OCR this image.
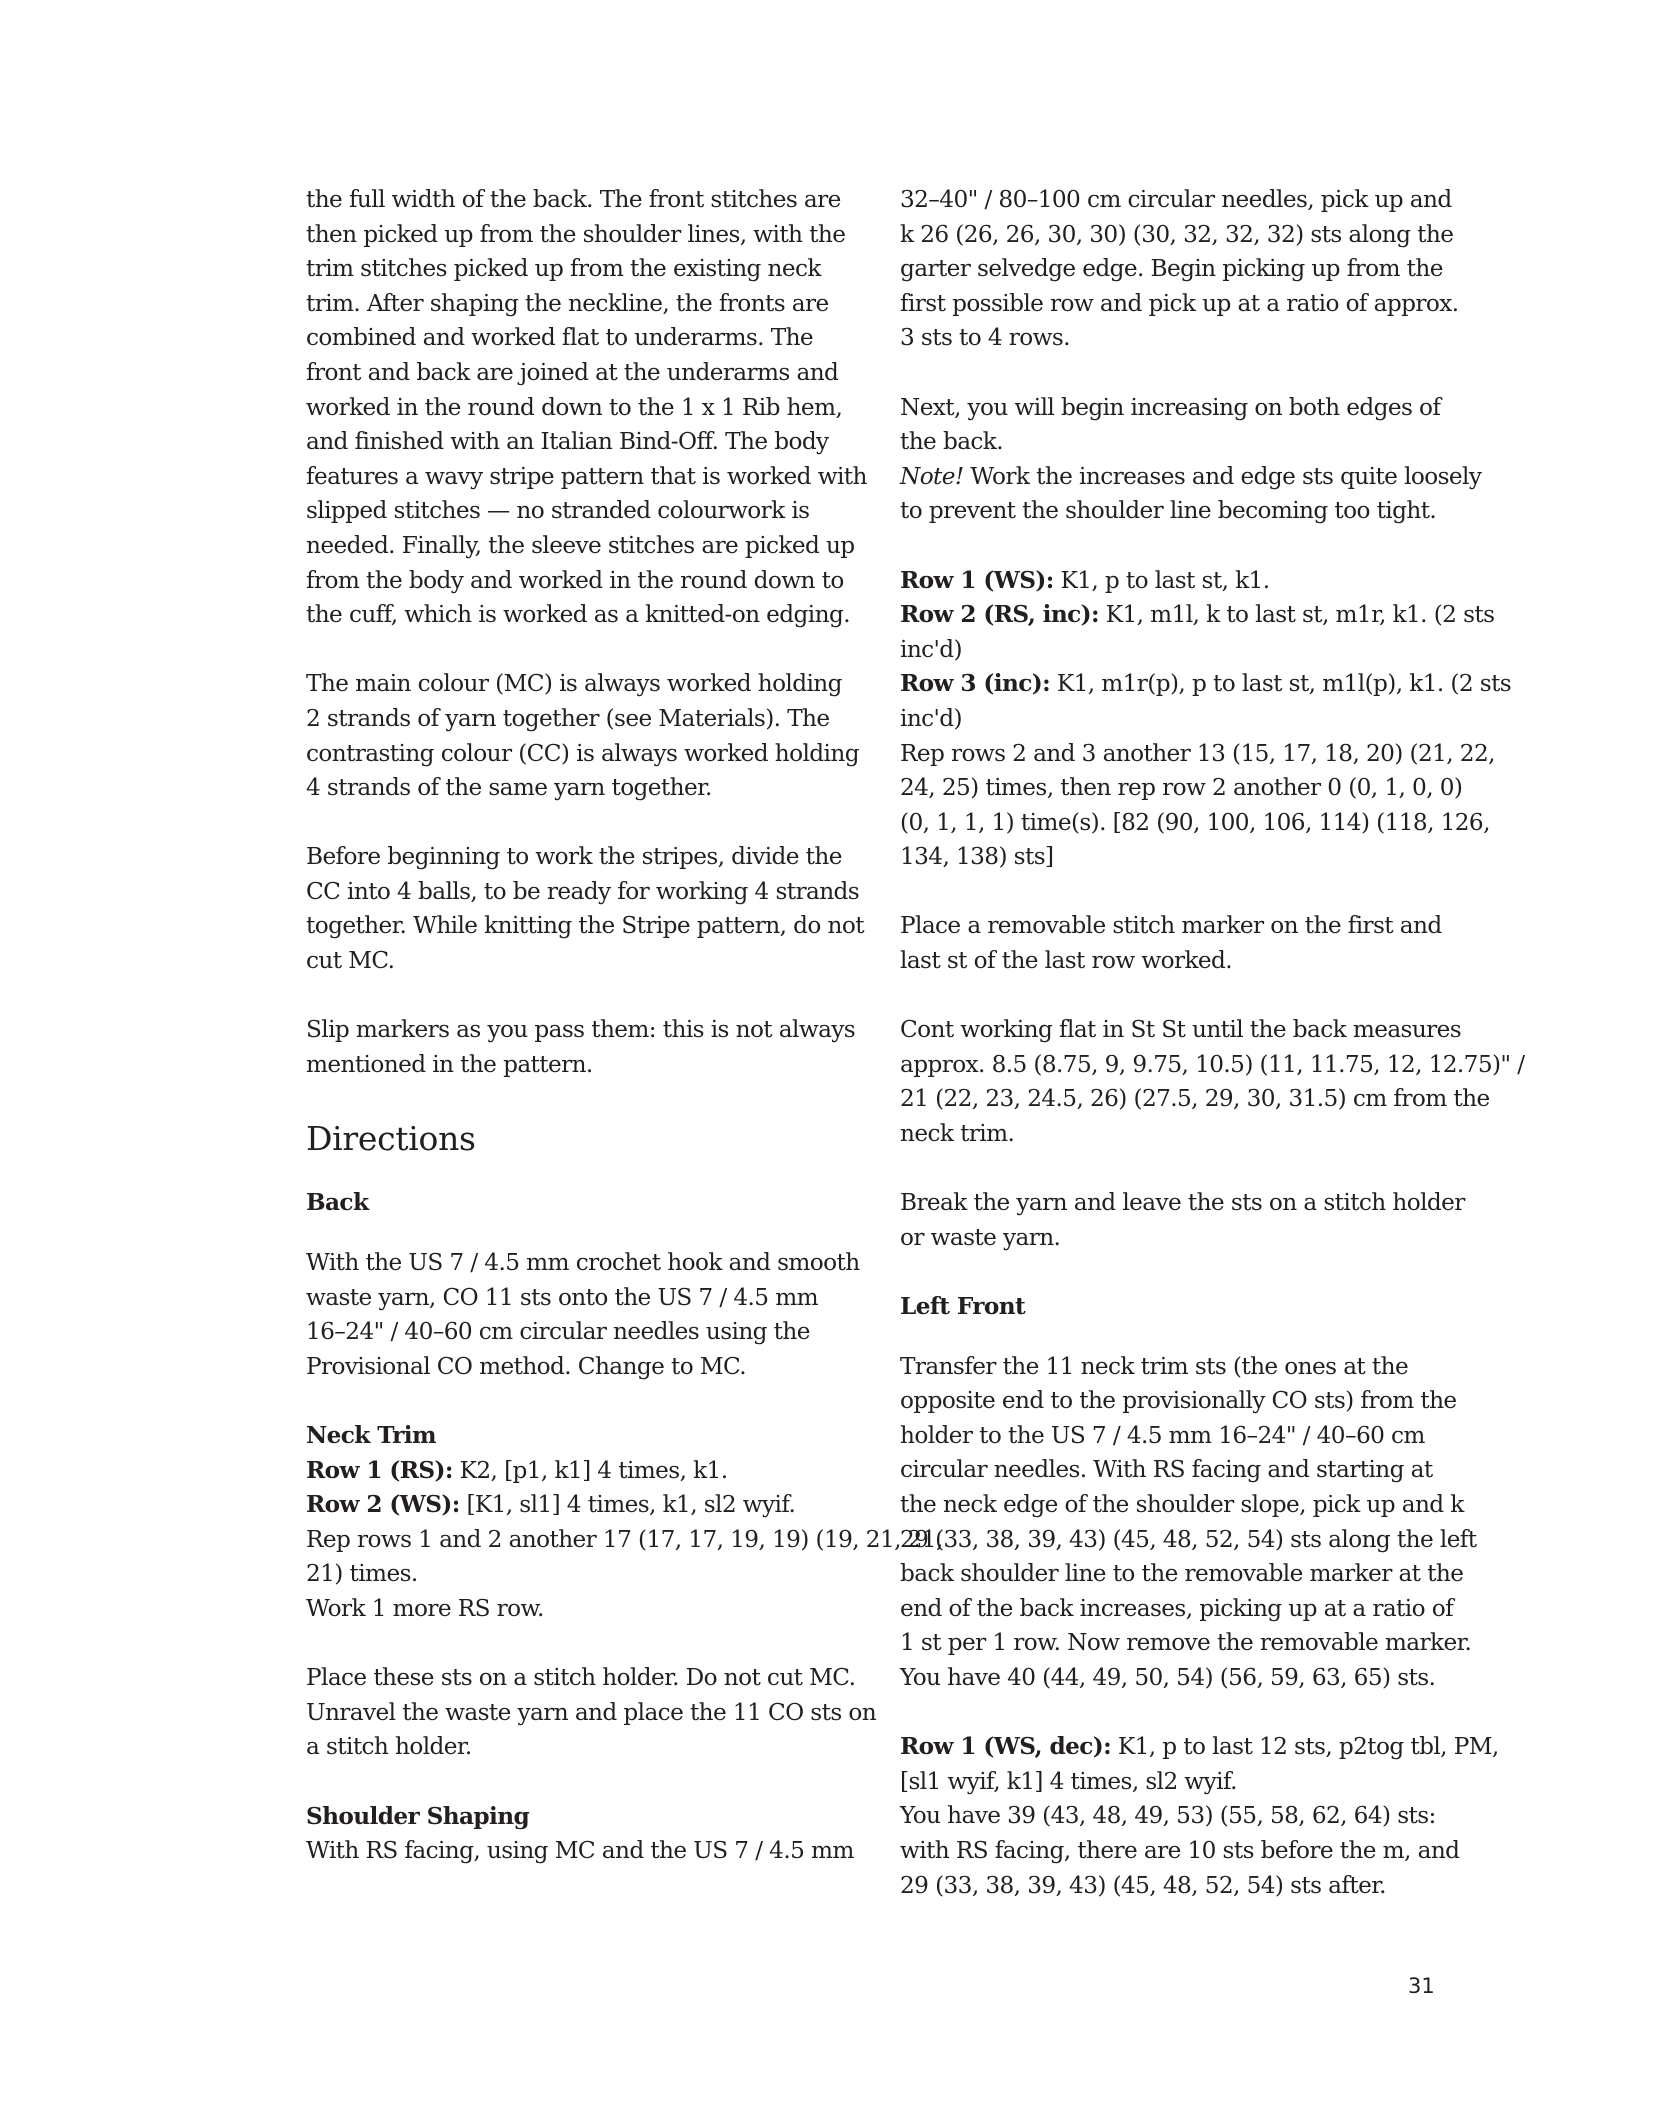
the full width of the back. The front stitches are
then picked up from the shoulder lines, with the
trim stitches picked up from the existing neck
trim. After shaping the neckline, the fronts are
combined and worked flat to underarms. The
front and back are joined at the underarms and
worked in the round down to the 1 x 1 Rib hem,
and finished with an Italian Bind-Off. The body
features a wavy stripe pattern that is worked with
slipped stitches — no stranded colourwork is
needed. Finally, the sleeve stitches are picked up
from the body and worked in the round down to
the cuff, which is worked as a knitted-on edging.

The main colour (MC) is always worked holding
2 strands of yarn together (see Materials). The
contrasting colour (CC) is always worked holding
4 strands of the same yarn together.

Before beginning to work the stripes, divide the
CC into 4 balls, to be ready for working 4 strands
together. While knitting the Stripe pattern, do not
cut MC.

Slip markers as you pass them: this is not always
mentioned in the pattern.

Directions
Back

With the US 7 / 4.5 mm crochet hook and smooth
waste yarn, CO 11 sts onto the US 7 / 4.5 mm
16–24" / 40–60 cm circular needles using the
Provisional CO method. Change to MC.

Neck Trim
Row 1 (RS): K2, [p1, k1] 4 times, k1.
Row 2 (WS): [K1, sl1] 4 times, k1, sl2 wyif.
Rep rows 1 and 2 another 17 (17, 17, 19, 19) (19, 21, 21,
21) times.
Work 1 more RS row.

Place these sts on a stitch holder. Do not cut MC.
Unravel the waste yarn and place the 11 CO sts on
a stitch holder.

Shoulder Shaping
With RS facing, using MC and the US 7 / 4.5 mm

32–40" / 80–100 cm circular needles, pick up and
k 26 (26, 26, 30, 30) (30, 32, 32, 32) sts along the
garter selvedge edge. Begin picking up from the
first possible row and pick up at a ratio of approx.
3 sts to 4 rows.

Next, you will begin increasing on both edges of
the back.
Note! Work the increases and edge sts quite loosely
to prevent the shoulder line becoming too tight.

Row 1 (WS): K1, p to last st, k1.
Row 2 (RS, inc): K1, m1l, k to last st, m1r, k1. (2 sts
inc'd)
Row 3 (inc): K1, m1r(p), p to last st, m1l(p), k1. (2 sts
inc'd)
Rep rows 2 and 3 another 13 (15, 17, 18, 20) (21, 22,
24, 25) times, then rep row 2 another 0 (0, 1, 0, 0)
(0, 1, 1, 1) time(s). [82 (90, 100, 106, 114) (118, 126,
134, 138) sts]

Place a removable stitch marker on the first and
last st of the last row worked.

Cont working flat in St St until the back measures
approx. 8.5 (8.75, 9, 9.75, 10.5) (11, 11.75, 12, 12.75)" /
21 (22, 23, 24.5, 26) (27.5, 29, 30, 31.5) cm from the
neck trim.

Break the yarn and leave the sts on a stitch holder
or waste yarn.

Left Front

Transfer the 11 neck trim sts (the ones at the
opposite end to the provisionally CO sts) from the
holder to the US 7 / 4.5 mm 16–24" / 40–60 cm
circular needles. With RS facing and starting at
the neck edge of the shoulder slope, pick up and k
29 (33, 38, 39, 43) (45, 48, 52, 54) sts along the left
back shoulder line to the removable marker at the
end of the back increases, picking up at a ratio of
1 st per 1 row. Now remove the removable marker.
You have 40 (44, 49, 50, 54) (56, 59, 63, 65) sts.

Row 1 (WS, dec): K1, p to last 12 sts, p2tog tbl, PM,
[sl1 wyif, k1] 4 times, sl2 wyif.
You have 39 (43, 48, 49, 53) (55, 58, 62, 64) sts:
with RS facing, there are 10 sts before the m, and
29 (33, 38, 39, 43) (45, 48, 52, 54) sts after.

31
